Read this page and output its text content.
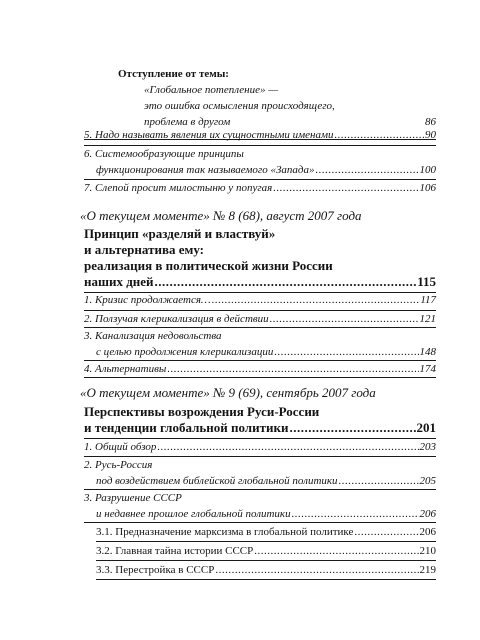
Отступление от темы:
«Глобальное потепление» —
это ошибка осмысления происходящего,
проблема в другом	86
5. Надо называть явления их сущностными именами .....	90
6. Системообразующие принципы
функционирования так называемого «Запада» .....	100
7. Слепой просит милостыню у попугая .....	106
«О текущем моменте» № 8 (68), август 2007 года
Принцип «разделяй и властвуй»
и альтернатива ему:
реализация в политической жизни России
наших дней .....	115
1. Кризис продолжается… .....	117
2. Ползучая клерикализация в действии .....	121
3. Канализация недовольства
с целью продолжения клерикализации .....	148
4. Альтернативы .....	174
«О текущем моменте» № 9 (69), сентябрь 2007 года
Перспективы возрождения Руси-России
и тенденции глобальной политики .....	201
1. Общий обзор .....	203
2. Русь-Россия
под воздействием библейской глобальной политики .....	205
3. Разрушение СССР
и недавнее прошлое глобальной политики .....	206
3.1. Предназначение марксизма в глобальной политике .....	206
3.2. Главная тайна истории СССР .....	210
3.3. Перестройка в СССР .....	219
